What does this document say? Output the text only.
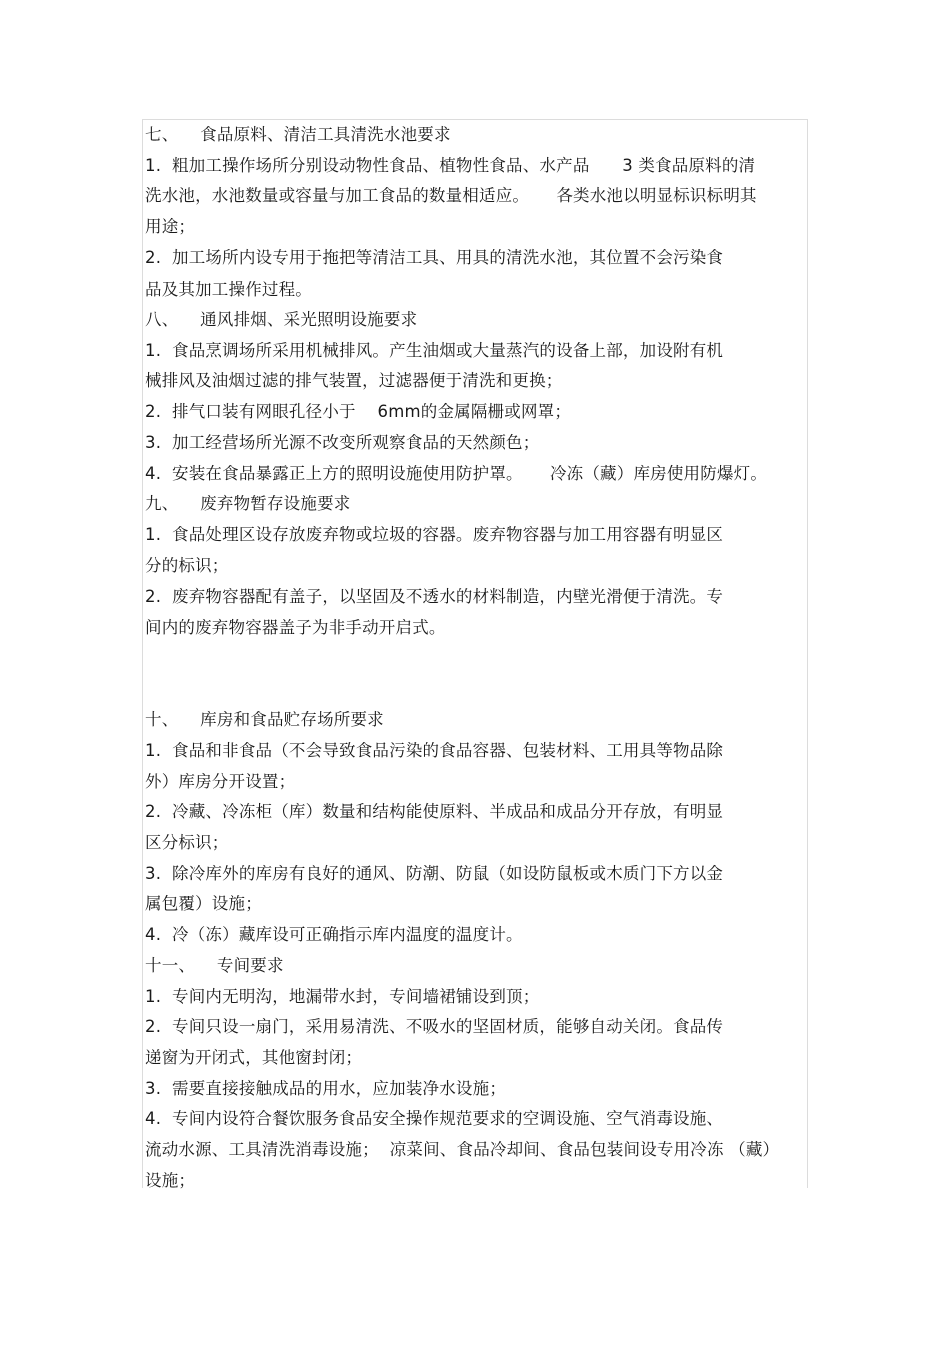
七、    食品原料、清洁工具清洗水池要求
1.  粗加工操作场所分别设动物性食品、植物性食品、水产品      3 类食品原料的清
洗水池，水池数量或容量与加工食品的数量相适应。     各类水池以明显标识标明其
用途；
2.  加工场所内设专用于拖把等清洁工具、用具的清洗水池，其位置不会污染食
品及其加工操作过程。
八、    通风排烟、采光照明设施要求
1.  食品烹调场所采用机械排风。产生油烟或大量蒸汽的设备上部，加设附有机
械排风及油烟过滤的排气装置，过滤器便于清洗和更换；
2.  排气口装有网眼孔径小于    6mm的金属隔栅或网罩；
3.  加工经营场所光源不改变所观察食品的天然颜色；
4.  安装在食品暴露正上方的照明设施使用防护罩。     冷冻（藏）库房使用防爆灯。
九、    废弃物暂存设施要求
1.  食品处理区设存放废弃物或垃圾的容器。废弃物容器与加工用容器有明显区
分的标识；
2.  废弃物容器配有盖子，以坚固及不透水的材料制造，内壁光滑便于清洗。专
间内的废弃物容器盖子为非手动开启式。
十、    库房和食品贮存场所要求
1.  食品和非食品（不会导致食品污染的食品容器、包装材料、工用具等物品除
外）库房分开设置；
2.  冷藏、冷冻柜（库）数量和结构能使原料、半成品和成品分开存放，有明显
区分标识；
3.  除冷库外的库房有良好的通风、防潮、防鼠（如设防鼠板或木质门下方以金
属包覆）设施；
4.  冷（冻）藏库设可正确指示库内温度的温度计。
十一、    专间要求
1.  专间内无明沟，地漏带水封，专间墙裙铺设到顶；
2.  专间只设一扇门，采用易清洗、不吸水的坚固材质，能够自动关闭。食品传
递窗为开闭式，其他窗封闭；
3.  需要直接接触成品的用水，应加装净水设施；
4.  专间内设符合餐饮服务食品安全操作规范要求的空调设施、空气消毒设施、
流动水源、工具清洗消毒设施；  凉菜间、食品冷却间、食品包装间设专用冷冻 （藏）
设施；
